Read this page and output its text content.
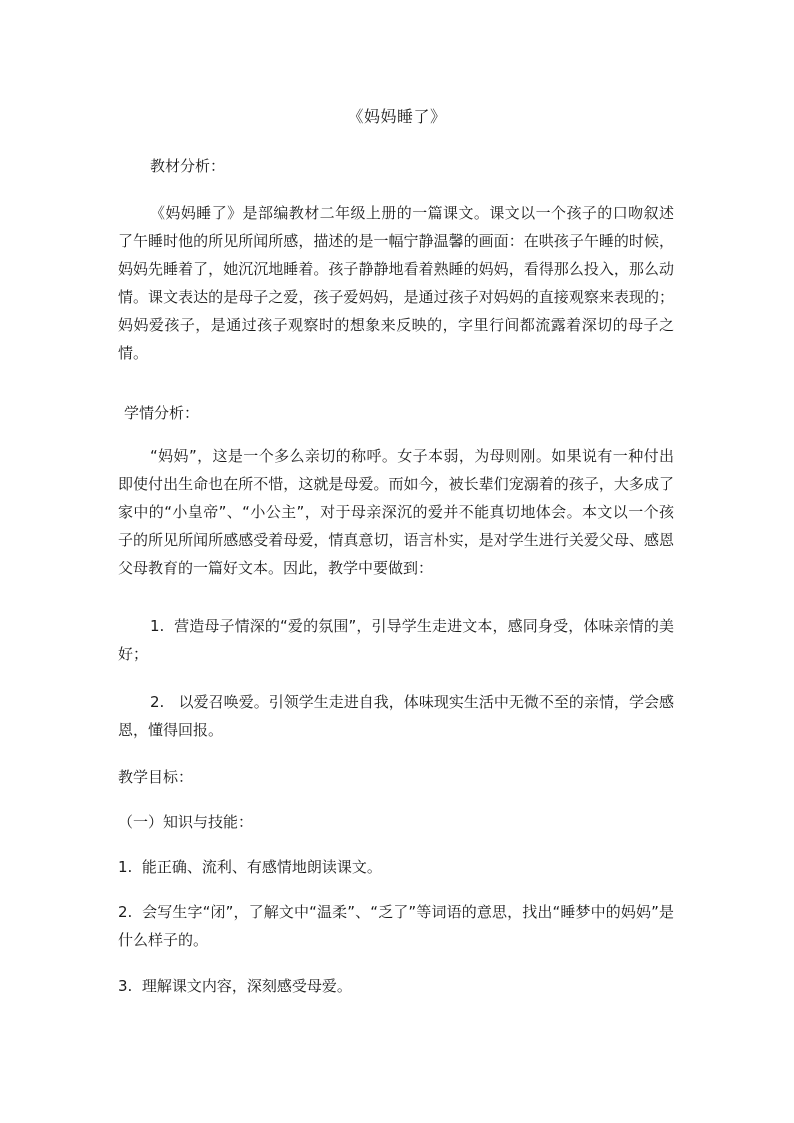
《妈妈睡了》

教材分析：

《妈妈睡了》是部编教材二年级上册的一篇课文。课文以一个孩子的口吻叙述了午睡时他的所见所闻所感，描述的是一幅宁静温馨的画面：在哄孩子午睡的时候，妈妈先睡着了，她沉沉地睡着。孩子静静地看着熟睡的妈妈，看得那么投入，那么动情。课文表达的是母子之爱，孩子爱妈妈，是通过孩子对妈妈的直接观察来表现的；妈妈爱孩子，是通过孩子观察时的想象来反映的，字里行间都流露着深切的母子之情。

学情分析：

“妈妈”，这是一个多么亲切的称呼。女子本弱，为母则刚。如果说有一种付出即使付出生命也在所不惜，这就是母爱。而如今，被长辈们宠溺着的孩子，大多成了家中的“小皇帝”、“小公主”，对于母亲深沉的爱并不能真切地体会。本文以一个孩子的所见所闻所感感受着母爱，情真意切，语言朴实，是对学生进行关爱父母、感恩父母教育的一篇好文本。因此，教学中要做到：

1.  营造母子情深的“爱的氛围”，引导学生走进文本，感同身受，体味亲情的美好；

2.   以爱召唤爱。引领学生走进自我，体味现实生活中无微不至的亲情，学会感恩，懂得回报。

教学目标：

（一）知识与技能：

1.  能正确、流利、有感情地朗读课文。

2.  会写生字“闭”，了解文中“温柔”、“乏了”等词语的意思，找出“睡梦中的妈妈”是什么样子的。

3.  理解课文内容，深刻感受母爱。
